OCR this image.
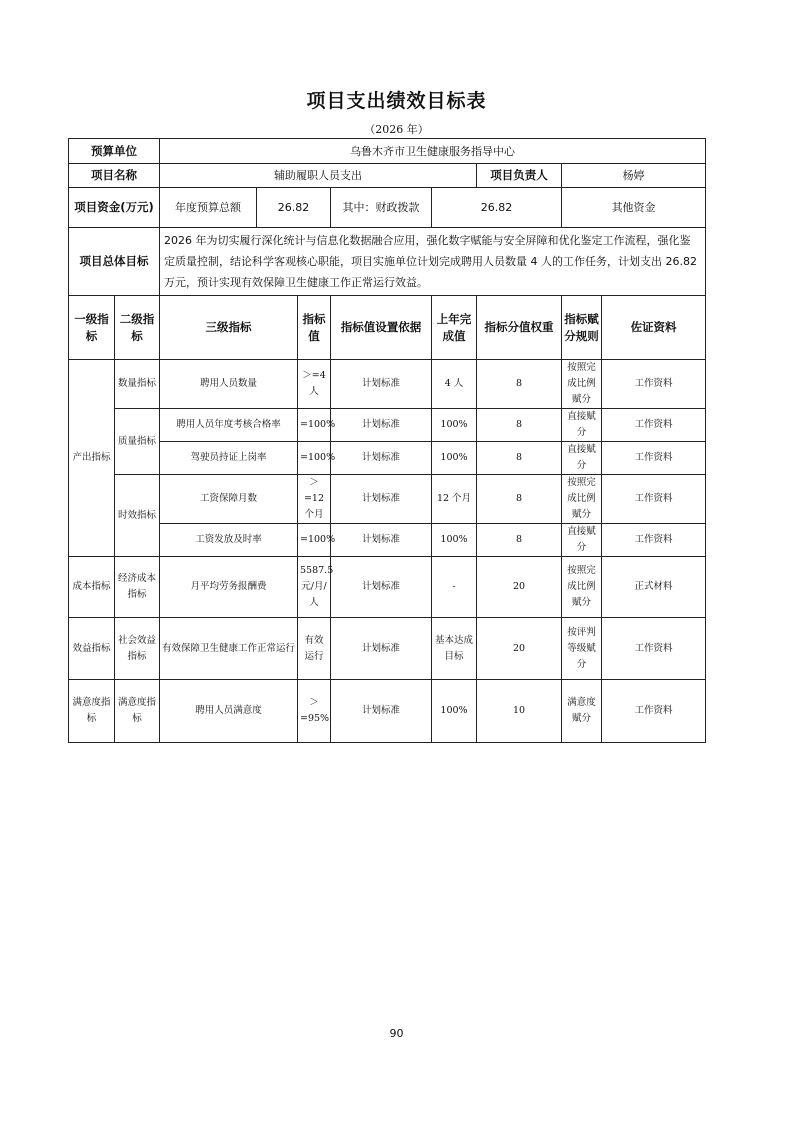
项目支出绩效目标表
（2026 年）
预算单位		乌鲁木齐市卫生健康服务指导中心								
项目名称		辅助履职人员支出					项目负责人	杨婷		
项目资金(万元)		年度预算总额	26.82		其中：财政拨款	26.82		其他资金	
项目总体目标		2026 年为切实履行深化统计与信息化数据融合应用，强化数字赋能与安全屏障和优化鉴定工作流程，强化鉴定质量控制，结论科学客观核心职能，项目实施单位计划完成聘用人员数量 4 人的工作任务，计划支出 26.82 万元，预计实现有效保障卫生健康工作正常运行效益。								
一级指标	二级指标	三级指标		指标值	指标值设置依据	上年完成值	指标分值权重	指标赋分规则	佐证资料	
产出指标	数量指标	聘用人员数量		＞=4人	计划标准	4 人	8	按照完成比例赋分	工作资料	
	质量指标	聘用人员年度考核合格率		=100%	计划标准	100%	8	直接赋分	工作资料	
		驾驶员持证上岗率		=100%	计划标准	100%	8	直接赋分	工作资料	
	时效指标	工资保障月数		＞=12个月	计划标准	12 个月	8	按照完成比例赋分	工作资料	
		工资发放及时率		=100%	计划标准	100%	8	直接赋分	工作资料	
成本指标	经济成本指标	月平均劳务报酬费		5587.5元/月/人	计划标准	-	20	按照完成比例赋分	正式材料	
效益指标	社会效益指标	有效保障卫生健康工作正常运行		有效运行	计划标准	基本达成目标	20	按评判等级赋分	工作资料	
满意度指标	满意度指标	聘用人员满意度		＞=95%	计划标准	100%	10	满意度赋分	工作资料	
90
